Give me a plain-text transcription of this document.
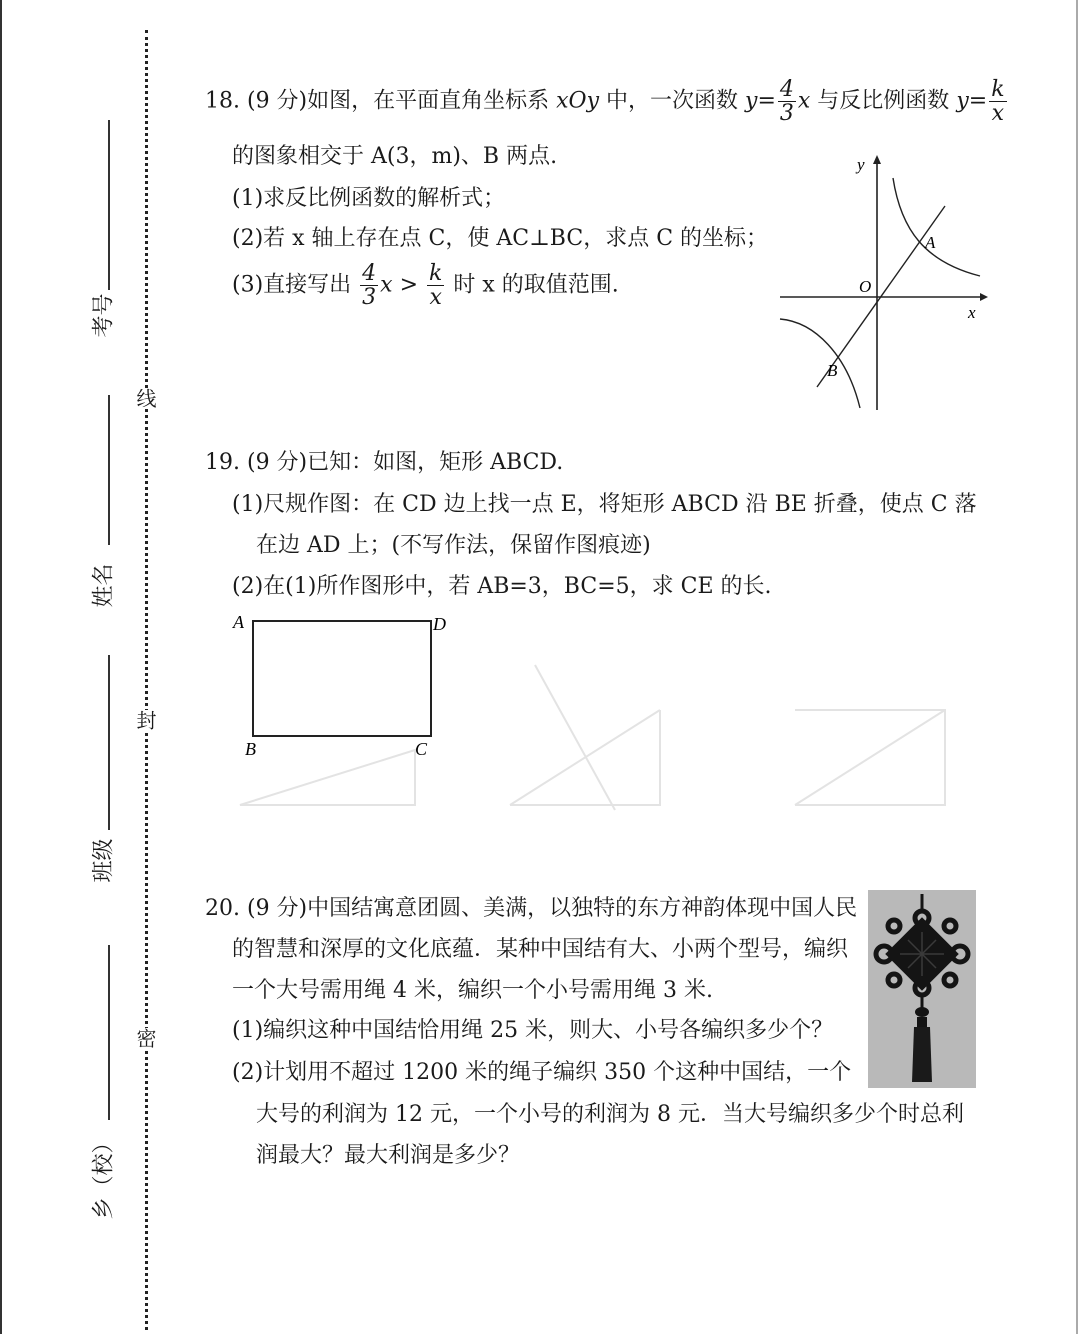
线
封
密
考号
姓名
班级
乡（校）
18. (9 分)如图，在平面直角坐标系 xOy 中，一次函数 $y= \frac{4}{3}$ x 与反比例函数 $y= \frac{k}{x}$
的图象相交于 A(3，m)、B 两点.
(1)求反比例函数的解析式；
(2)若 x 轴上存在点 C，使 AC⊥BC，求点 C 的坐标；
(3)直接写出 $\frac{4}{3}$ $x > \frac{k}{x}$ 时 x 的取值范围.
y
x
O
A
B
19. (9 分)已知：如图，矩形 ABCD.
(1)尺规作图：在 CD 边上找一点 E，将矩形 ABCD 沿 BE 折叠，使点 C 落
在边 AD 上；(不写作法，保留作图痕迹)
(2)在(1)所作图形中，若 AB=3，BC=5，求 CE 的长.
A	D
B	C
20. (9 分)中国结寓意团圆、美满，以独特的东方神韵体现中国人民
的智慧和深厚的文化底蕴．某种中国结有大、小两个型号，编织
一个大号需用绳 4 米，编织一个小号需用绳 3 米.
(1)编织这种中国结恰用绳 25 米，则大、小号各编织多少个？
(2)计划用不超过 1200 米的绳子编织 350 个这种中国结，一个
大号的利润为 12 元，一个小号的利润为 8 元．当大号编织多少个时总利
润最大？最大利润是多少？
